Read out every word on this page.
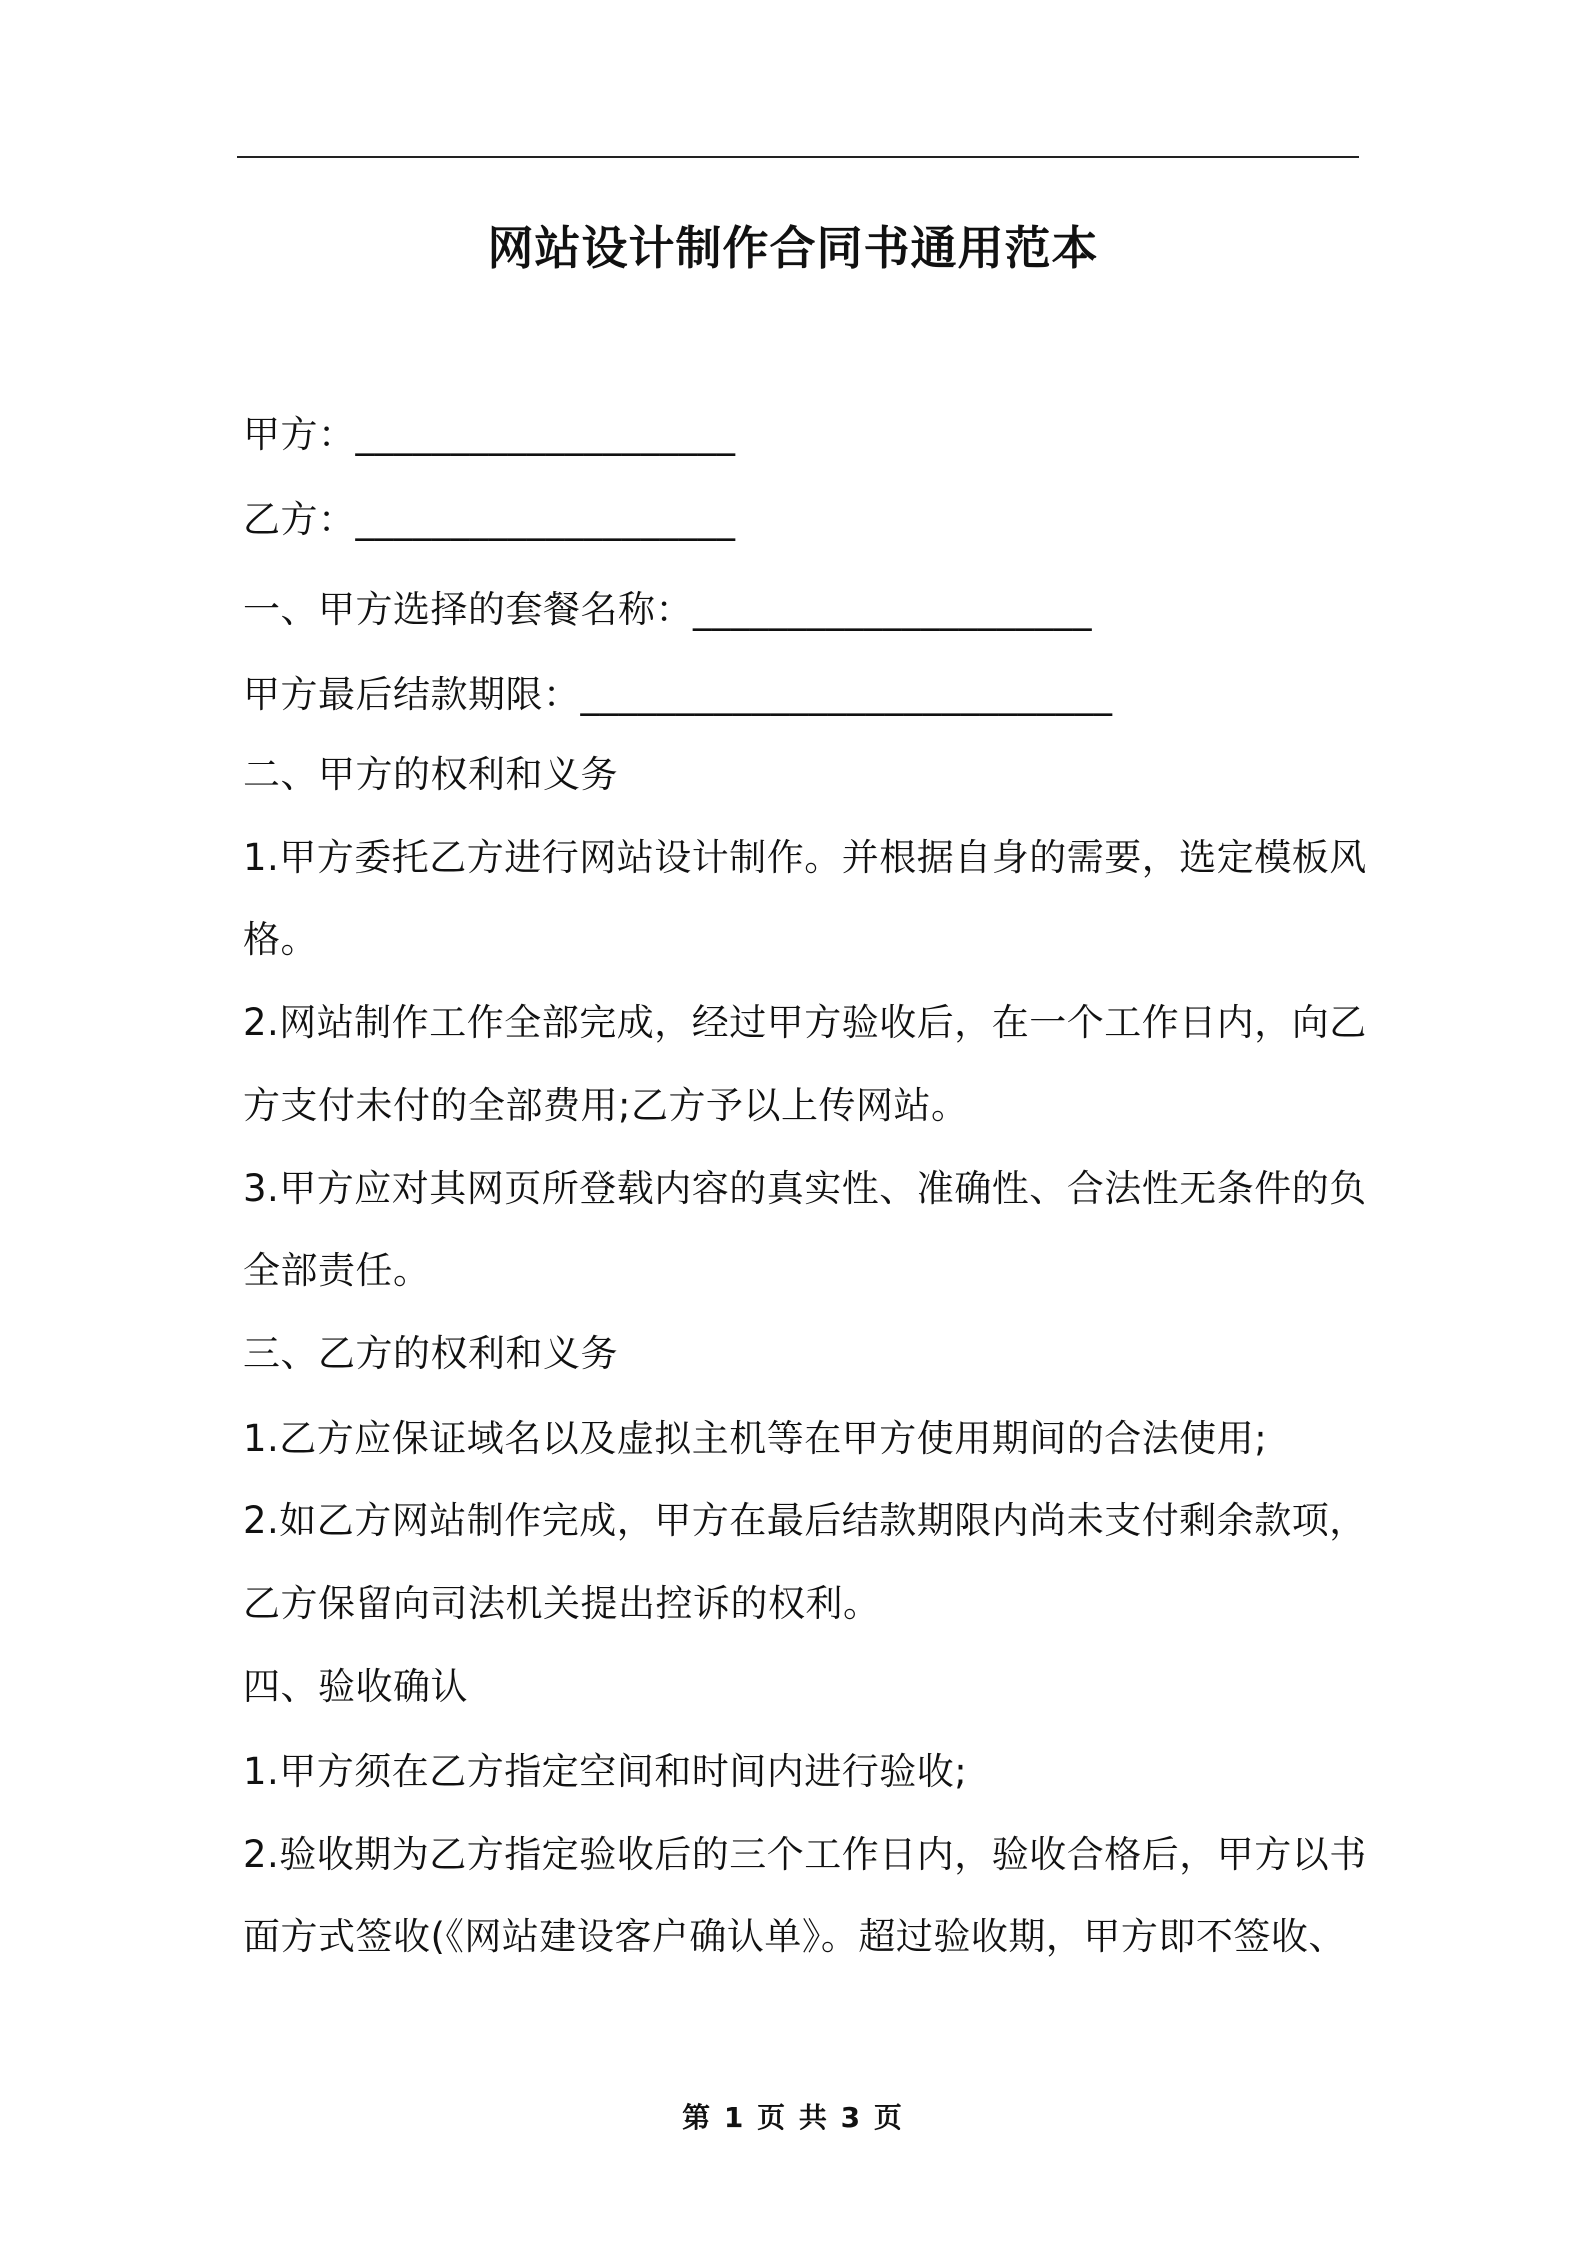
网站设计制作合同书通用范本
甲方：____________________
乙方：____________________
一、甲方选择的套餐名称：_____________________
甲方最后结款期限：____________________________
二、甲方的权利和义务
1.甲方委托乙方进行网站设计制作。并根据自身的需要，选定模板风
格。
2.网站制作工作全部完成，经过甲方验收后，在一个工作日内，向乙
方支付未付的全部费用;乙方予以上传网站。
3.甲方应对其网页所登载内容的真实性、准确性、合法性无条件的负
全部责任。
三、乙方的权利和义务
1.乙方应保证域名以及虚拟主机等在甲方使用期间的合法使用;
2.如乙方网站制作完成，甲方在最后结款期限内尚未支付剩余款项，
乙方保留向司法机关提出控诉的权利。
四、验收确认
1.甲方须在乙方指定空间和时间内进行验收;
2.验收期为乙方指定验收后的三个工作日内，验收合格后，甲方以书
面方式签收(《网站建设客户确认单》。超过验收期，甲方即不签收、
第 1 页 共 3 页
